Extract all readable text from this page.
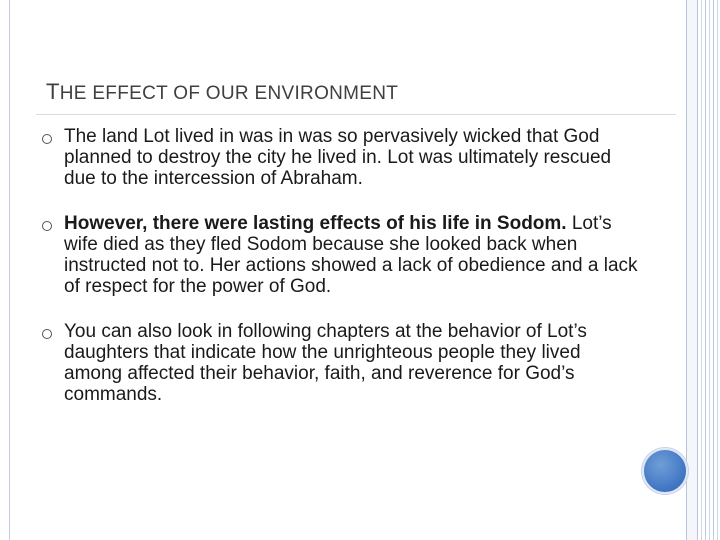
THE EFFECT OF OUR ENVIRONMENT
The land Lot lived in was in was so pervasively wicked that God planned to destroy the city he lived in. Lot was ultimately rescued due to the intercession of Abraham.
However, there were lasting effects of his life in Sodom. Lot’s wife died as they fled Sodom because she looked back when instructed not to. Her actions showed a lack of obedience and a lack of respect for the power of God.
You can also look in following chapters at the behavior of Lot’s daughters that indicate how the unrighteous people they lived among affected their behavior, faith, and reverence for God’s commands.
